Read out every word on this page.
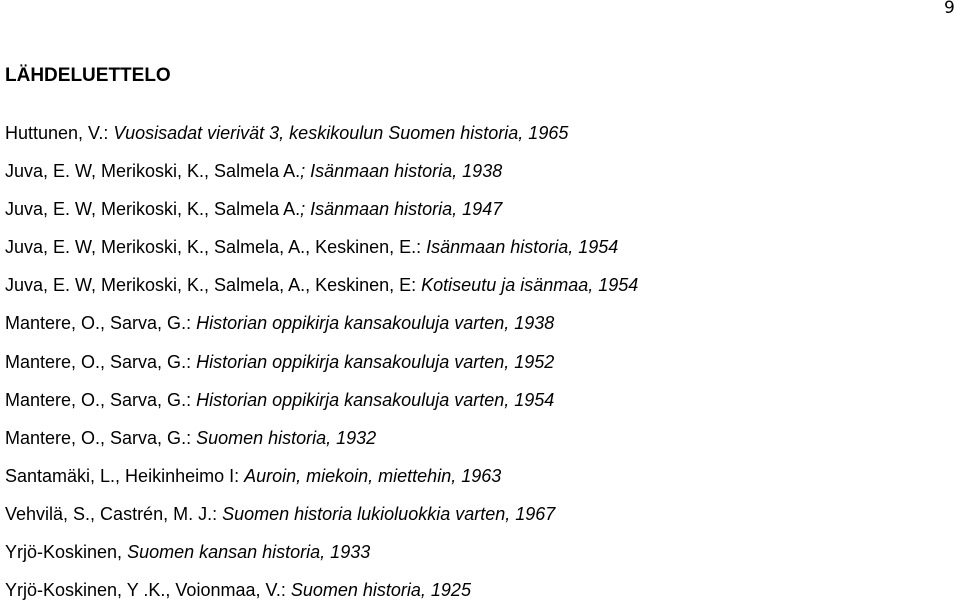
9
LÄHDELUETTELO
Huttunen, V.: Vuosisadat vierivät 3, keskikoulun Suomen historia, 1965
Juva, E. W, Merikoski, K., Salmela A.; Isänmaan historia, 1938
Juva, E. W, Merikoski, K., Salmela A.; Isänmaan historia, 1947
Juva, E. W, Merikoski, K., Salmela, A., Keskinen, E.: Isänmaan historia, 1954
Juva, E. W, Merikoski, K., Salmela, A., Keskinen, E: Kotiseutu ja isänmaa, 1954
Mantere, O., Sarva, G.: Historian oppikirja kansakouluja varten, 1938
Mantere, O., Sarva, G.: Historian oppikirja kansakouluja varten, 1952
Mantere, O., Sarva, G.: Historian oppikirja kansakouluja varten, 1954
Mantere, O., Sarva, G.: Suomen historia, 1932
Santamäki, L., Heikinheimo I: Auroin, miekoin, miettehin, 1963
Vehvilä, S., Castrén, M. J.: Suomen historia lukioluokkia varten, 1967
Yrjö-Koskinen, Suomen kansan historia, 1933
Yrjö-Koskinen, Y .K., Voionmaa, V.: Suomen historia, 1925
